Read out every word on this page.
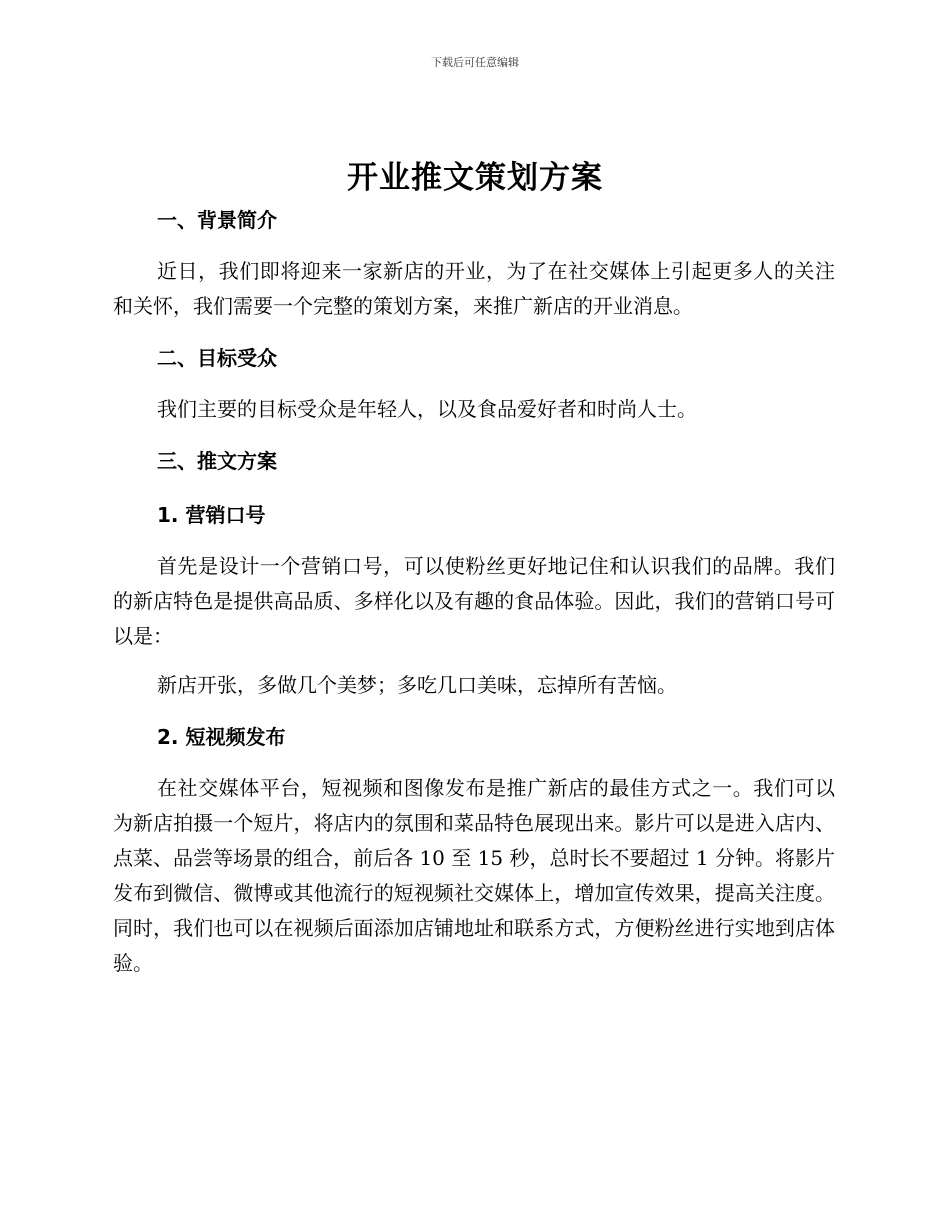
下载后可任意编辑
开业推文策划方案

一、背景简介

近日，我们即将迎来一家新店的开业，为了在社交媒体上引起更多人的关注和关怀，我们需要一个完整的策划方案，来推广新店的开业消息。

二、目标受众

我们主要的目标受众是年轻人，以及食品爱好者和时尚人士。

三、推文方案

1. 营销口号

首先是设计一个营销口号，可以使粉丝更好地记住和认识我们的品牌。我们的新店特色是提供高品质、多样化以及有趣的食品体验。因此，我们的营销口号可以是：

新店开张，多做几个美梦；多吃几口美味，忘掉所有苦恼。

2. 短视频发布

在社交媒体平台，短视频和图像发布是推广新店的最佳方式之一。我们可以为新店拍摄一个短片，将店内的氛围和菜品特色展现出来。影片可以是进入店内、点菜、品尝等场景的组合，前后各 10 至 15 秒，总时长不要超过 1 分钟。将影片发布到微信、微博或其他流行的短视频社交媒体上，增加宣传效果，提高关注度。同时，我们也可以在视频后面添加店铺地址和联系方式，方便粉丝进行实地到店体验。
